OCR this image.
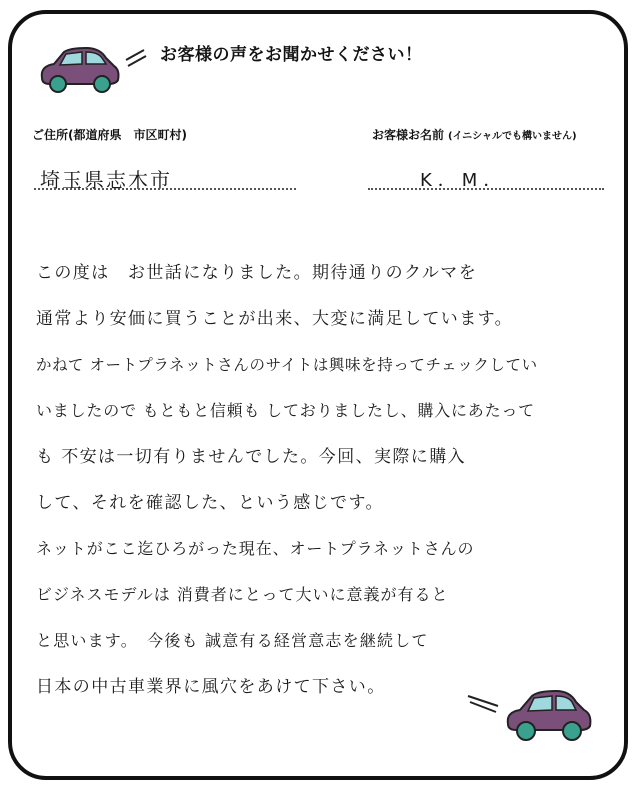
お客様の声をお聞かせください！
ご住所(都道府県　市区町村)	お客様お名前 (イニシャルでも構いません)
埼玉県志木市	K．M．
この度は　お世話になりました。期待通りのクルマを
通常より安価に買うことが出来、大変に満足しています。
かねて オートプラネットさんのサイトは興味を持ってチェックしてい
いましたので もともと信頼も しておりましたし、購入にあたって
も 不安は一切有りませんでした。今回、実際に購入
して、それを確認した、という感じです。
ネットがここ迄ひろがった現在、オートプラネットさんの
ビジネスモデルは 消費者にとって大いに意義が有ると
と思います。　今後も 誠意有る経営意志を継続して
日本の中古車業界に風穴をあけて下さい。
